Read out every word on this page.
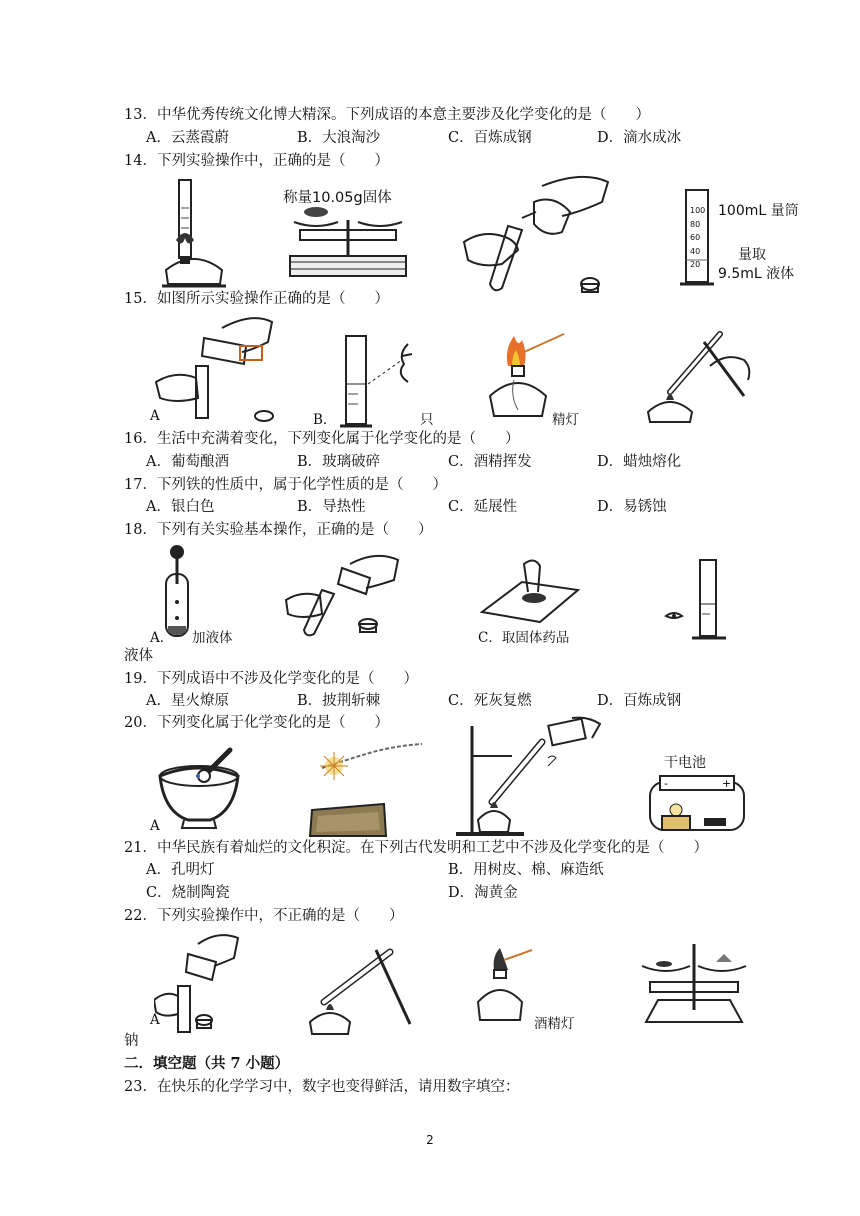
13．中华优秀传统文化博大精深。下列成语的本意主要涉及化学变化的是（　　）
A．云蒸霞蔚	B．大浪淘沙	C．百炼成钢	D．滴水成冰
14．下列实验操作中，正确的是（　　）
称量10.05g固体
100
80
60
40
20
100mL 量筒
量取
9.5mL 液体
15．如图所示实验操作正确的是（　　）
A	B．	只	精灯
16．生活中充满着变化，下列变化属于化学变化的是（　　）
A．葡萄酿酒	B．玻璃破碎	C．酒精挥发	D．蜡烛熔化
17．下列铁的性质中，属于化学性质的是（　　）
A．银白色	B．导热性	C．延展性	D．易锈蚀
18．下列有关实验基本操作，正确的是（　　）
A． 加液体	C．取固体药品
液体
19．下列成语中不涉及化学变化的是（　　）
A．星火燎原	B．披荆斩棘	C．死灰复燃	D．百炼成钢
20．下列变化属于化学变化的是（　　）
A
干电池
-	+
21．中华民族有着灿烂的文化积淀。在下列古代发明和工艺中不涉及化学变化的是（　　）
A．孔明灯	B．用树皮、棉、麻造纸
C．烧制陶瓷	D．淘黄金
22．下列实验操作中，不正确的是（　　）
A	酒精灯
钠
二．填空题（共 7 小题）
23．在快乐的化学学习中，数字也变得鲜活，请用数字填空：
2
